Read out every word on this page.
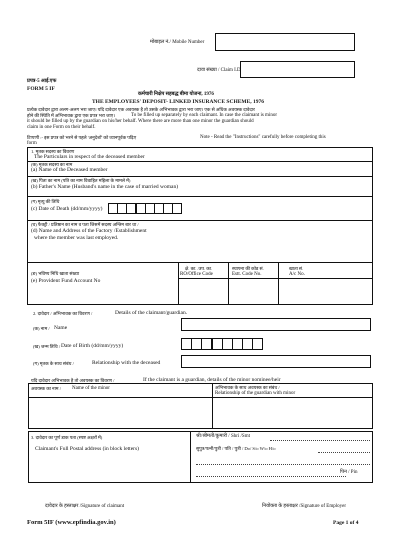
मोबाइल नं./ Mobile Number
दावा संख्या / Claim I.D
प्रपत्र-5 आई.एफ
FORM 5 IF
कर्मचारी निक्षेप सहबद्ध बीमा योजना, 1976
THE EMPLOYEES' DEPOSIT- LINKED INSURANCE SCHEME, 1976
प्रत्येक दावेदार द्वारा अलग-अलग भरा जाए। यदि दावेदार एक अवयस्क है तो उसके अभिभावक द्वारा भरा जाए। एक से अधिक अवयस्क दावेदार
होने की स्थिति में अभिभावक द्वारा एक प्रपत्र भरा जाए।	To be filled up separately by each claimant. In case the claimant is minor
it should be filled up by the guardian on his/her behalf. Where there are more than one minor the guardian should
claim in one Form on their behalf.
टिप्पणी :- इस प्रपत्र को भरने से पहले 'अनुदेशों' को ध्यानपूर्वक पढ़िए	Note - Read the "Instructions" carefully before completing this
form
1. मृतक सदस्य का विवरण
The Particulars in respect of the deceased member
(क) मृतक सदस्य का नाम
(a) Name of the Deceased member
(ख) पिता का नाम (पति का नाम विवाहित महिला के मामले में)
(b) Father's Name (Husband's name in the case of married woman)
(ग) मृत्यु की तिथि
(c) Date of Death (dd/mm/yyyy)
(घ) फैक्ट्री / प्रतिष्ठान का नाम व पता जिसमें सदस्य अन्तिम बार था /
(d) Name and Address of the Factory /Establishment
where the member was last employed.
(ङ) भविष्य निधि खाता संख्या
(e) Provident Fund Account No
क्षे. का. /उप. का.	स्थापना की कोड सं.	खाता सं.
RO/Office Code	Estt. Code No.	A/c No.
2. दावेदार / अभिभावक का विवरण /	Details of the claimant/guardian.
(क) नाम / Name
(ख) जन्म तिथि / Date of Birth (dd/mm/yyyy)
(ग) मृतक के साथ संबंध /	Relationship with the deceased
यदि दावेदार अभिभावक है तो अवयस्क का विवरण /	If the claimant is a guardian, details of the minor nominee/heir
अवयस्क का नाम / Name of the minor	अभिभावक के साथ अवयस्क का संबंध /
Relationship of the guardian with minor
3. दावेदार का पूर्ण डाक पता (स्पष्ट अक्षरों में)
Claimant's Full Postal address (in block letters)
श्री/श्रीमती/कुमारी / Shri /Smt
सुपुत्र/पत्नी/पुत्री / पति / पुत्री / Do/ S/o W/o H/o
पिन / Pin
दावेदार के हस्ताक्षर /Signature of claimant	नियोक्ता के हस्ताक्षर /Signature of Employer
Form 5IF (www.epfindia.gov.in)	Page 1 of 4
